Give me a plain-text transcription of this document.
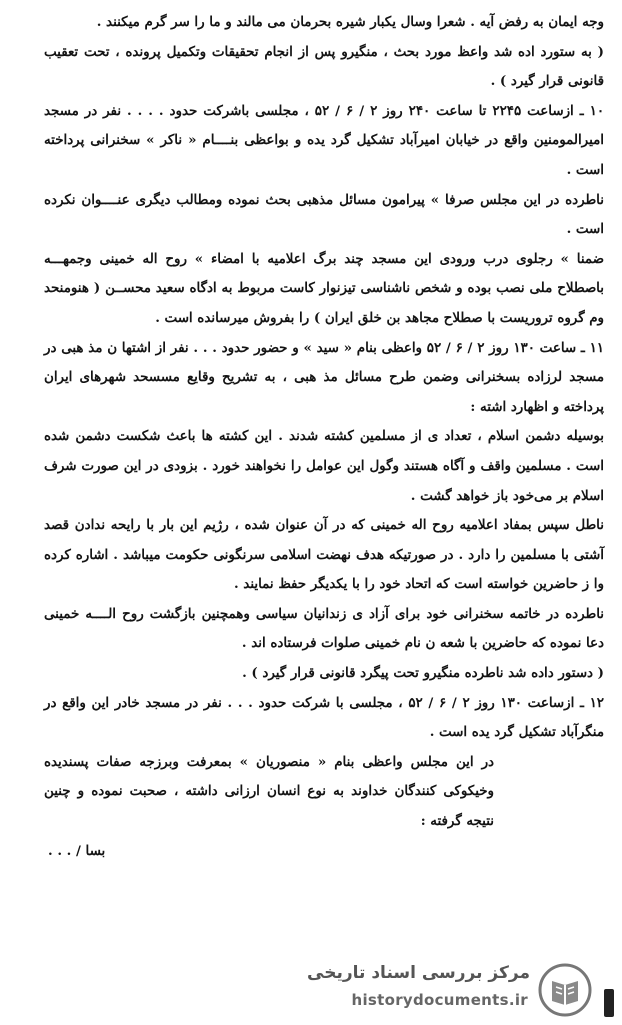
وجه ایمان به رفض آیه . شعرا وسال یکبار شیره بحرمان می مالند و ما را سر گرم میکنند .

( به ستورد اده شد واعظ مورد بحث ، منگیرو پس از انجام تحقیقات وتکمیل پرونده ، تحت تعقیب قانونی قرار گیرد ) .

۱۰ ـ ازساعت ۲۲۴۵ تا ساعت ۲۴۰ روز ۲ / ۶ / ۵۲ ، مجلسی باشرکت حدود . . . . نفر در مسجد امیرالمومنین واقع در خیابان امیرآباد تشکیل گرد یده و بواعظی بنــــام « ناکر » سخنرانی پرداخته است .

ناطرده در این مجلس صرفا » پیرامون مسائل مذهبی بحث نموده ومطالب دیگری عنــــوان نکرده است .

ضمنا » رجلوی درب ورودی این مسجد چند برگ اعلامیه با امضاء » روح اله خمینی وجمهـــه باصطلاح ملی نصب بوده و شخص ناشناسی تیزنوار کاست مربوط به ادگاه سعید محســن ( هنومنحد وم گروه تروریست با صطلاح مجاهد بن خلق ایران ) را بفروش میرسانده است .

۱۱ ـ ساعت ۱۳۰ روز ۲ / ۶ / ۵۲ واعظی بنام « سید » و حضور حدود . . . نفر از اشتها ن مذ هبی در مسجد لرزاده بسخنرانی وضمن طرح مسائل مذ هبی ، به تشریح وقایع مسسحد شهرهای ایران پرداخته و اظهارد اشته :

بوسیله دشمن اسلام ، تعداد ی از مسلمین کشته شدند . این کشته ها باعث شکست دشمن شده است . مسلمین واقف و آگاه هستند وگول این عوامل را نخواهند خورد . بزودی در این صورت شرف اسلام بر می‌خود باز خواهد گشت .

ناطل سپس بمفاد اعلامیه روح اله خمینی که در آن عنوان شده ، رژیم این بار با رایحه ندادن قصد آشتی با مسلمین را دارد . در صورتیکه هدف نهضت اسلامی سرنگونی حکومت میباشد . اشاره کرده وا ز حاضرین خواسته است که اتحاد خود را با یکدیگر حفظ نمایند .

ناطرده در خاتمه سخنرانی خود برای آزاد ی زندانیان سیاسی وهمچنین بازگشت روح الــــه خمینی دعا نموده که حاضرین با شعه ن نام خمینی صلوات فرستاده اند .

( دستور داده شد ناطرده منگیرو تحت پیگرد قانونی قرار گیرد ) .

۱۲ ـ ازساعت ۱۳۰ روز ۲ / ۶ / ۵۲ ، مجلسی با شرکت حدود . . . نفر در مسجد خادر این واقع در منگرآباد تشکیل گرد یده است .

در این مجلس واعظی بنام « منصوریان » بمعرفت وبرزجه صفات پسندیده وخیکوکی کنندگان خداوند به نوع انسان ارزانی داشته ، صحبت نموده و چنین نتیجه گرفته :

بسا / . . .

مرکز بررسی اسناد تاریخی
historydocuments.ir
